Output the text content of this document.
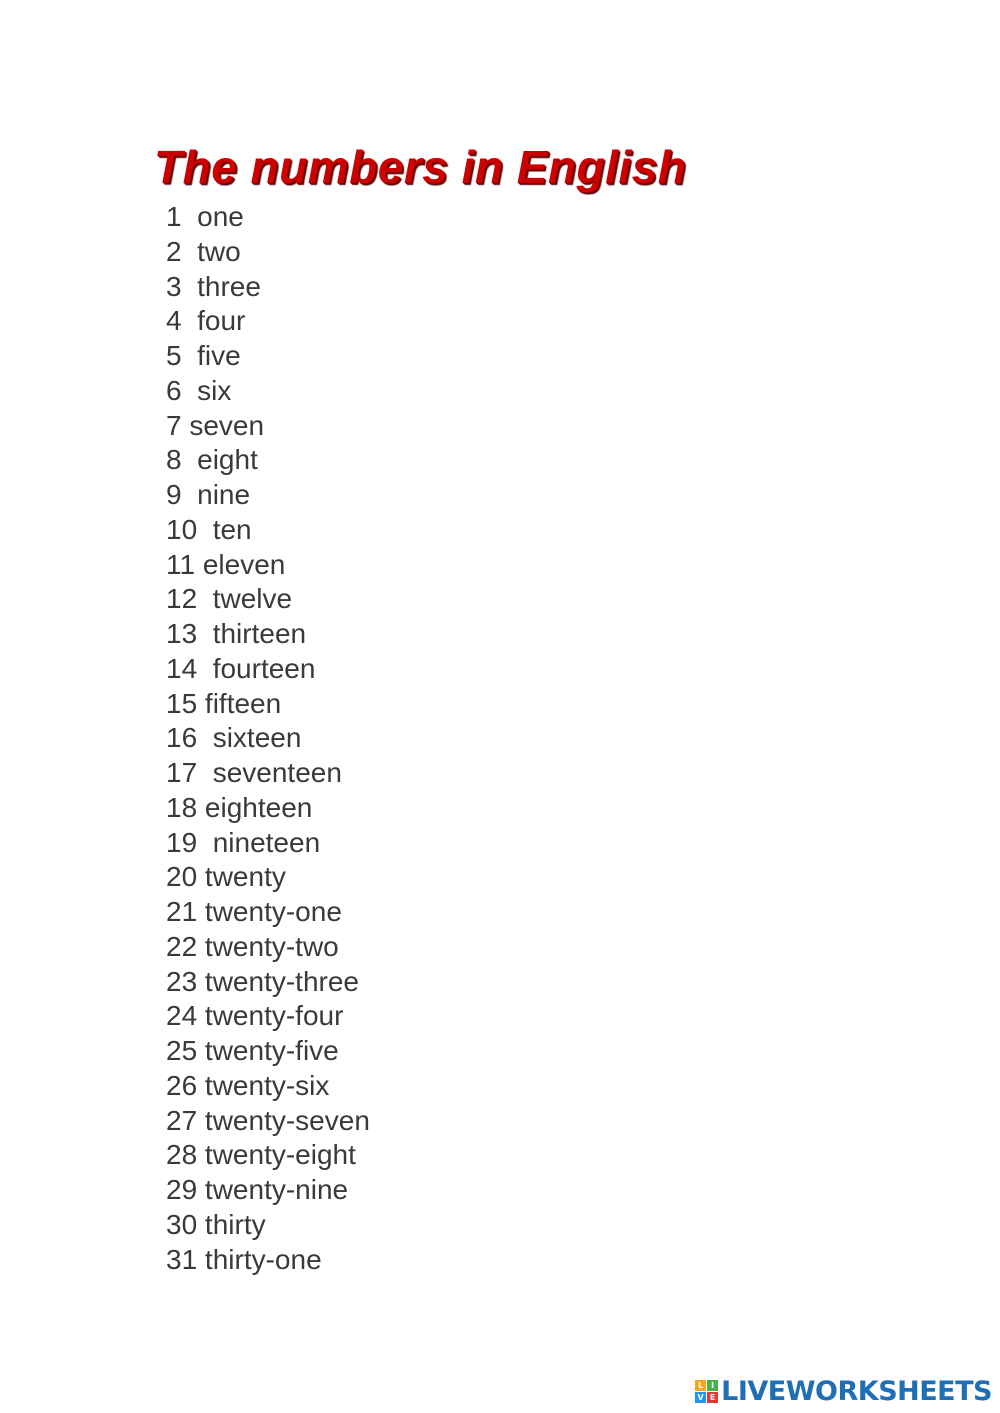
The numbers in English
1  one
2  two
3  three
4  four
5  five
6  six
7 seven
8  eight
9  nine
10  ten
11 eleven
12  twelve
13  thirteen
14  fourteen
15 fifteen
16  sixteen
17  seventeen
18 eighteen
19  nineteen
20 twenty
21 twenty-one
22 twenty-two
23 twenty-three
24 twenty-four
25 twenty-five
26 twenty-six
27 twenty-seven
28 twenty-eight
29 twenty-nine
30 thirty
31 thirty-one
L I
V E LIVEWORKSHEETS
